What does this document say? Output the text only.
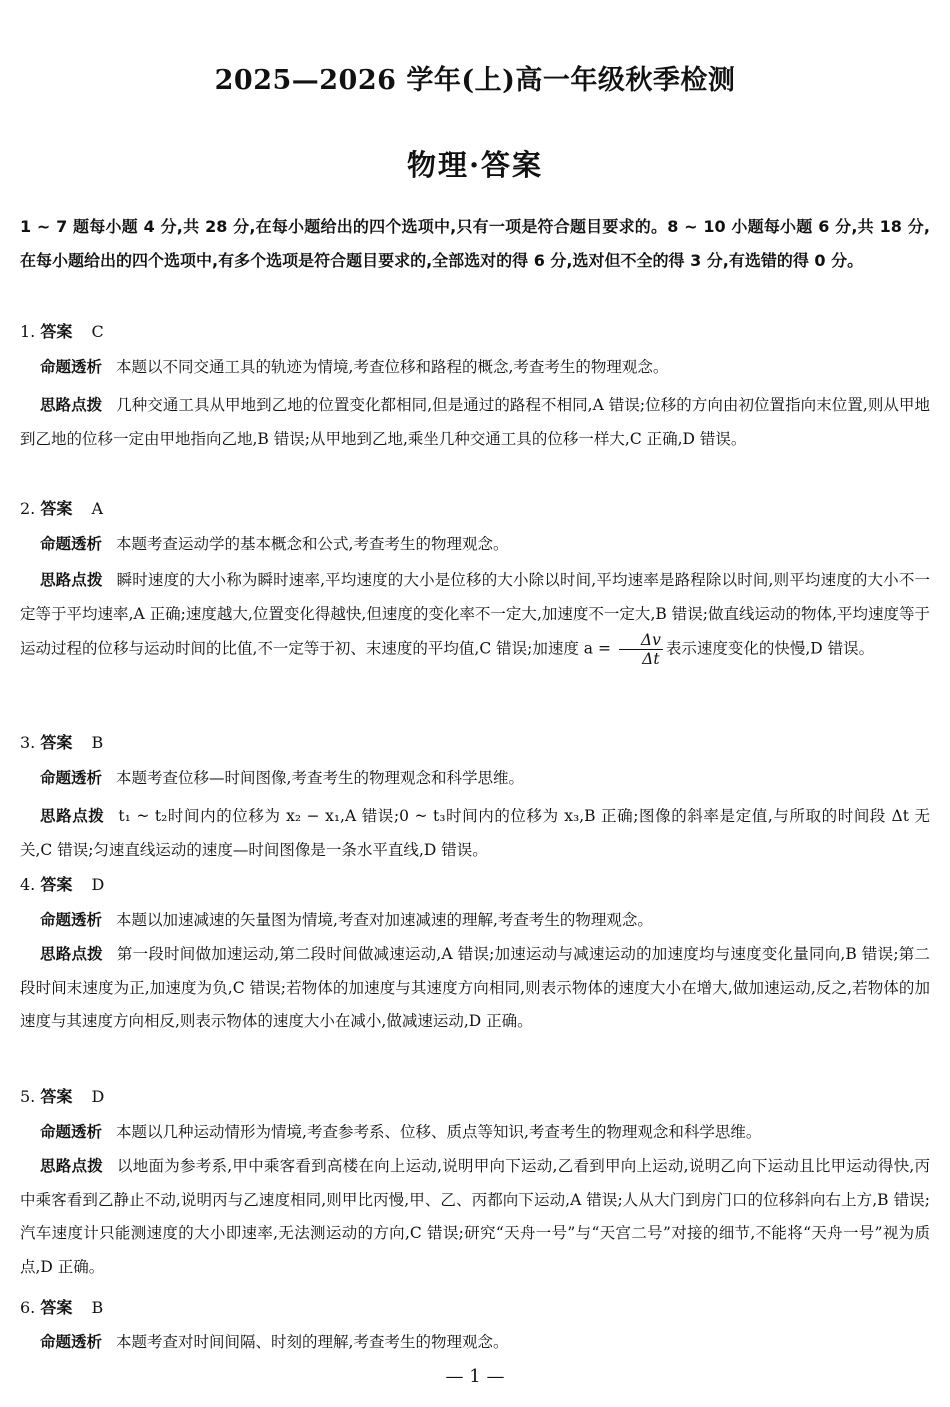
2025—2026 学年(上)高一年级秋季检测
物理·答案
1 ~ 7 题每小题 4 分,共 28 分,在每小题给出的四个选项中,只有一项是符合题目要求的。8 ~ 10 小题每小题 6 分,共 18 分,在每小题给出的四个选项中,有多个选项是符合题目要求的,全部选对的得 6 分,选对但不全的得 3 分,有选错的得 0 分。
1. 答案 C
命题透析 本题以不同交通工具的轨迹为情境,考查位移和路程的概念,考查考生的物理观念。
思路点拨 几种交通工具从甲地到乙地的位置变化都相同,但是通过的路程不相同,A 错误;位移的方向由初位置指向末位置,则从甲地到乙地的位移一定由甲地指向乙地,B 错误;从甲地到乙地,乘坐几种交通工具的位移一样大,C 正确,D 错误。
2. 答案 A
命题透析 本题考查运动学的基本概念和公式,考查考生的物理观念。
思路点拨 瞬时速度的大小称为瞬时速率,平均速度的大小是位移的大小除以时间,平均速率是路程除以时间,则平均速度的大小不一定等于平均速率,A 正确;速度越大,位置变化得越快,但速度的变化率不一定大,加速度不一定大,B 错误;做直线运动的物体,平均速度等于运动过程的位移与运动时间的比值,不一定等于初、末速度的平均值,C 错误;加速度 $a = \frac{\Delta v}{\Delta t}$ 表示速度变化的快慢,D 错误。
3. 答案 B
命题透析 本题考查位移—时间图像,考查考生的物理观念和科学思维。
思路点拨 t₁ ~ t₂时间内的位移为 x₂ − x₁,A 错误;0 ~ t₃时间内的位移为 x₃,B 正确;图像的斜率是定值,与所取的时间段 Δt 无关,C 错误;匀速直线运动的速度—时间图像是一条水平直线,D 错误。
4. 答案 D
命题透析 本题以加速减速的矢量图为情境,考查对加速减速的理解,考查考生的物理观念。
思路点拨 第一段时间做加速运动,第二段时间做减速运动,A 错误;加速运动与减速运动的加速度均与速度变化量同向,B 错误;第二段时间末速度为正,加速度为负,C 错误;若物体的加速度与其速度方向相同,则表示物体的速度大小在增大,做加速运动,反之,若物体的加速度与其速度方向相反,则表示物体的速度大小在减小,做减速运动,D 正确。
5. 答案 D
命题透析 本题以几种运动情形为情境,考查参考系、位移、质点等知识,考查考生的物理观念和科学思维。
思路点拨 以地面为参考系,甲中乘客看到高楼在向上运动,说明甲向下运动,乙看到甲向上运动,说明乙向下运动且比甲运动得快,丙中乘客看到乙静止不动,说明丙与乙速度相同,则甲比丙慢,甲、乙、丙都向下运动,A 错误;人从大门到房门口的位移斜向右上方,B 错误;汽车速度计只能测速度的大小即速率,无法测运动的方向,C 错误;研究“天舟一号”与“天宫二号”对接的细节,不能将“天舟一号”视为质点,D 正确。
6. 答案 B
命题透析 本题考查对时间间隔、时刻的理解,考查考生的物理观念。
— 1 —
